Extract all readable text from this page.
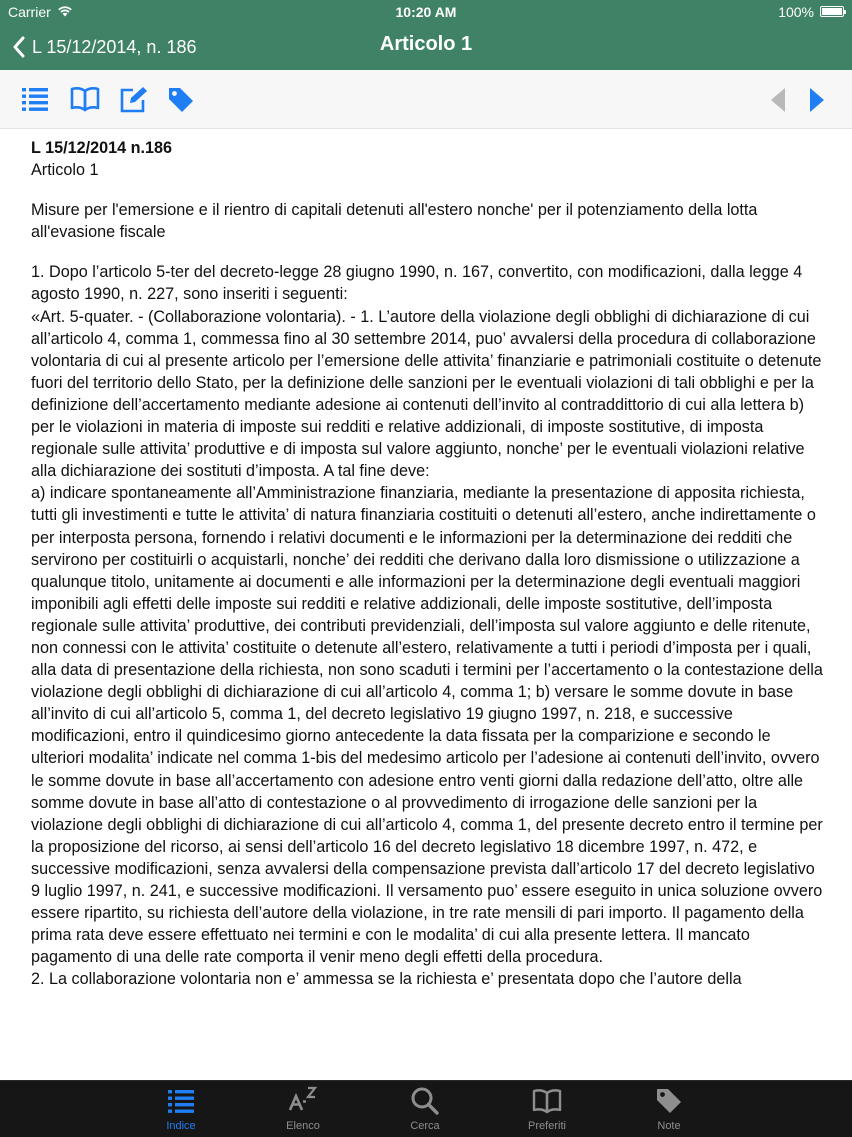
Carrier	10:20 AM	100%
L 15/12/2014, n. 186	Articolo 1

L 15/12/2014 n.186

Articolo 1

Misure per l'emersione e il rientro di capitali detenuti all'estero nonche' per il potenziamento della lotta all'evasione fiscale

1. Dopo l’articolo 5-ter del decreto-legge 28 giugno 1990, n. 167, convertito, con modificazioni, dalla legge 4 agosto 1990, n. 227, sono inseriti i seguenti:
«Art. 5-quater. - (Collaborazione volontaria). - 1. L’autore della violazione degli obblighi di dichiarazione di cui all’articolo 4, comma 1, commessa fino al 30 settembre 2014, puo’ avvalersi della procedura di collaborazione volontaria di cui al presente articolo per l’emersione delle attivita’ finanziarie e patrimoniali costituite o detenute fuori del territorio dello Stato, per la definizione delle sanzioni per le eventuali violazioni di tali obblighi e per la definizione dell’accertamento mediante adesione ai contenuti dell’invito al contraddittorio di cui alla lettera b) per le violazioni in materia di imposte sui redditi e relative addizionali, di imposte sostitutive, di imposta regionale sulle attivita’ produttive e di imposta sul valore aggiunto, nonche’ per le eventuali violazioni relative alla dichiarazione dei sostituti d’imposta. A tal fine deve:
a) indicare spontaneamente all’Amministrazione finanziaria, mediante la presentazione di apposita richiesta, tutti gli investimenti e tutte le attivita’ di natura finanziaria costituiti o detenuti all’estero, anche indirettamente o per interposta persona, fornendo i relativi documenti e le informazioni per la determinazione dei redditi che servirono per costituirli o acquistarli, nonche’ dei redditi che derivano dalla loro dismissione o utilizzazione a qualunque titolo, unitamente ai documenti e alle informazioni per la determinazione degli eventuali maggiori imponibili agli effetti delle imposte sui redditi e relative addizionali, delle imposte sostitutive, dell’imposta regionale sulle attivita’ produttive, dei contributi previdenziali, dell’imposta sul valore aggiunto e delle ritenute, non connessi con le attivita’ costituite o detenute all’estero, relativamente a tutti i periodi d’imposta per i quali, alla data di presentazione della richiesta, non sono scaduti i termini per l’accertamento o la contestazione della violazione degli obblighi di dichiarazione di cui all’articolo 4, comma 1; b) versare le somme dovute in base all’invito di cui all’articolo 5, comma 1, del decreto legislativo 19 giugno 1997, n. 218, e successive modificazioni, entro il quindicesimo giorno antecedente la data fissata per la comparizione e secondo le ulteriori modalita’ indicate nel comma 1-bis del medesimo articolo per l’adesione ai contenuti dell’invito, ovvero le somme dovute in base all’accertamento con adesione entro venti giorni dalla redazione dell’atto, oltre alle somme dovute in base all’atto di contestazione o al provvedimento di irrogazione delle sanzioni per la violazione degli obblighi di dichiarazione di cui all’articolo 4, comma 1, del presente decreto entro il termine per la proposizione del ricorso, ai sensi dell’articolo 16 del decreto legislativo 18 dicembre 1997, n. 472, e successive modificazioni, senza avvalersi della compensazione prevista dall’articolo 17 del decreto legislativo 9 luglio 1997, n. 241, e successive modificazioni. Il versamento puo’ essere eseguito in unica soluzione ovvero essere ripartito, su richiesta dell’autore della violazione, in tre rate mensili di pari importo. Il pagamento della prima rata deve essere effettuato nei termini e con le modalita’ di cui alla presente lettera. Il mancato pagamento di una delle rate comporta il venir meno degli effetti della procedura.
2. La collaborazione volontaria non e’ ammessa se la richiesta e’ presentata dopo che l’autore della

Indice	Elenco	Cerca	Preferiti	Note
